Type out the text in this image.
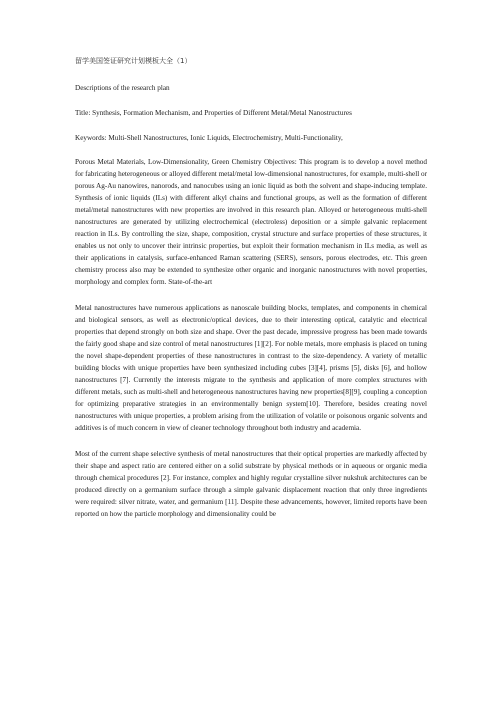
留学美国签证研究计划模板大全（1）

Descriptions of the research plan

Title: Synthesis, Formation Mechanism, and Properties of Different Metal/Metal Nanostructures

Keywords: Multi-Shell Nanostructures, Ionic Liquids, Electrochemistry, Multi-Functionality,

Porous Metal Materials, Low-Dimensionality, Green Chemistry Objectives: This program is to develop a novel method for fabricating heterogeneous or alloyed different metal/metal low-dimensional nanostructures, for example, multi-shell or porous Ag-Au nanowires, nanorods, and nanocubes using an ionic liquid as both the solvent and shape-inducing template. Synthesis of ionic liquids (ILs) with different alkyl chains and functional groups, as well as the formation of different metal/metal nanostructures with new properties are involved in this research plan. Alloyed or heterogeneous multi-shell nanostructures are generated by utilizing electrochemical (electroless) deposition or a simple galvanic replacement reaction in ILs. By controlling the size, shape, composition, crystal structure and surface properties of these structures, it enables us not only to uncover their intrinsic properties, but exploit their formation mechanism in ILs media, as well as their applications in catalysis, surface-enhanced Raman scattering (SERS), sensors, porous electrodes, etc. This green chemistry process also may be extended to synthesize other organic and inorganic nanostructures with novel properties, morphology and complex form. State-of-the-art

Metal nanostructures have numerous applications as nanoscale building blocks, templates, and components in chemical and biological sensors, as well as electronic/optical devices, due to their interesting optical, catalytic and electrical properties that depend strongly on both size and shape. Over the past decade, impressive progress has been made towards the fairly good shape and size control of metal nanostructures [1][2]. For noble metals, more emphasis is placed on tuning the novel shape-dependent properties of these nanostructures in contrast to the size-dependency. A variety of metallic building blocks with unique properties have been synthesized including cubes [3][4], prisms [5], disks [6], and hollow nanostructures [7]. Currently the interests migrate to the synthesis and application of more complex structures with different metals, such as multi-shell and heterogeneous nanostructures having new properties[8][9], coupling a conception for optimizing preparative strategies in an environmentally benign system[10]. Therefore, besides creating novel nanostructures with unique properties, a problem arising from the utilization of volatile or poisonous organic solvents and additives is of much concern in view of cleaner technology throughout both industry and academia.

Most of the current shape selective synthesis of metal nanostructures that their optical properties are markedly affected by their shape and aspect ratio are centered either on a solid substrate by physical methods or in aqueous or organic media through chemical procedures [2]. For instance, complex and highly regular crystalline silver nukshuk architectures can be produced directly on a germanium surface through a simple galvanic displacement reaction that only three ingredients were required: silver nitrate, water, and germanium [11]. Despite these advancements, however, limited reports have been reported on how the particle morphology and dimensionality could be
